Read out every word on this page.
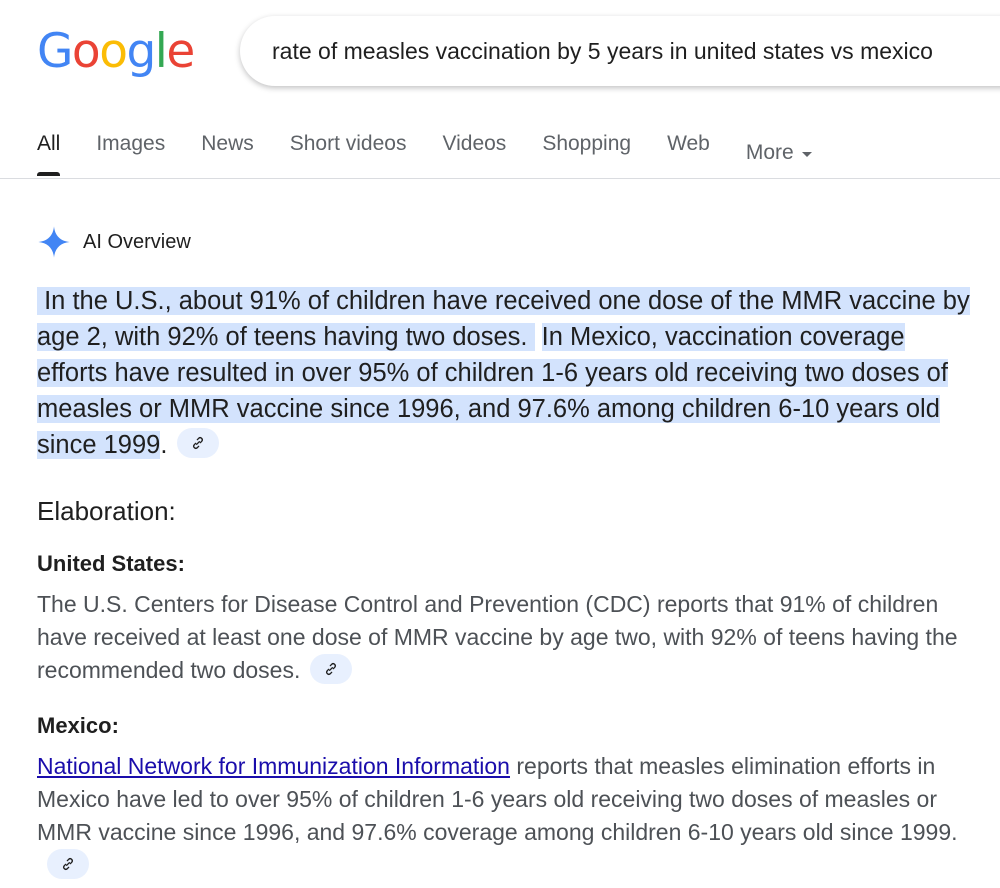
Google	rate of measles vaccination by 5 years in united states vs mexico
All Images News Short videos Videos Shopping Web More
AI Overview
In the U.S., about 91% of children have received one dose of the MMR vaccine by age 2, with 92% of teens having two doses. In Mexico, vaccination coverage efforts have resulted in over 95% of children 1-6 years old receiving two doses of measles or MMR vaccine since 1996, and 97.6% among children 6-10 years old since 1999.
Elaboration:
United States:
The U.S. Centers for Disease Control and Prevention (CDC) reports that 91% of children have received at least one dose of MMR vaccine by age two, with 92% of teens having the recommended two doses.
Mexico:
National Network for Immunization Information reports that measles elimination efforts in Mexico have led to over 95% of children 1-6 years old receiving two doses of measles or MMR vaccine since 1996, and 97.6% coverage among children 6-10 years old since 1999.
